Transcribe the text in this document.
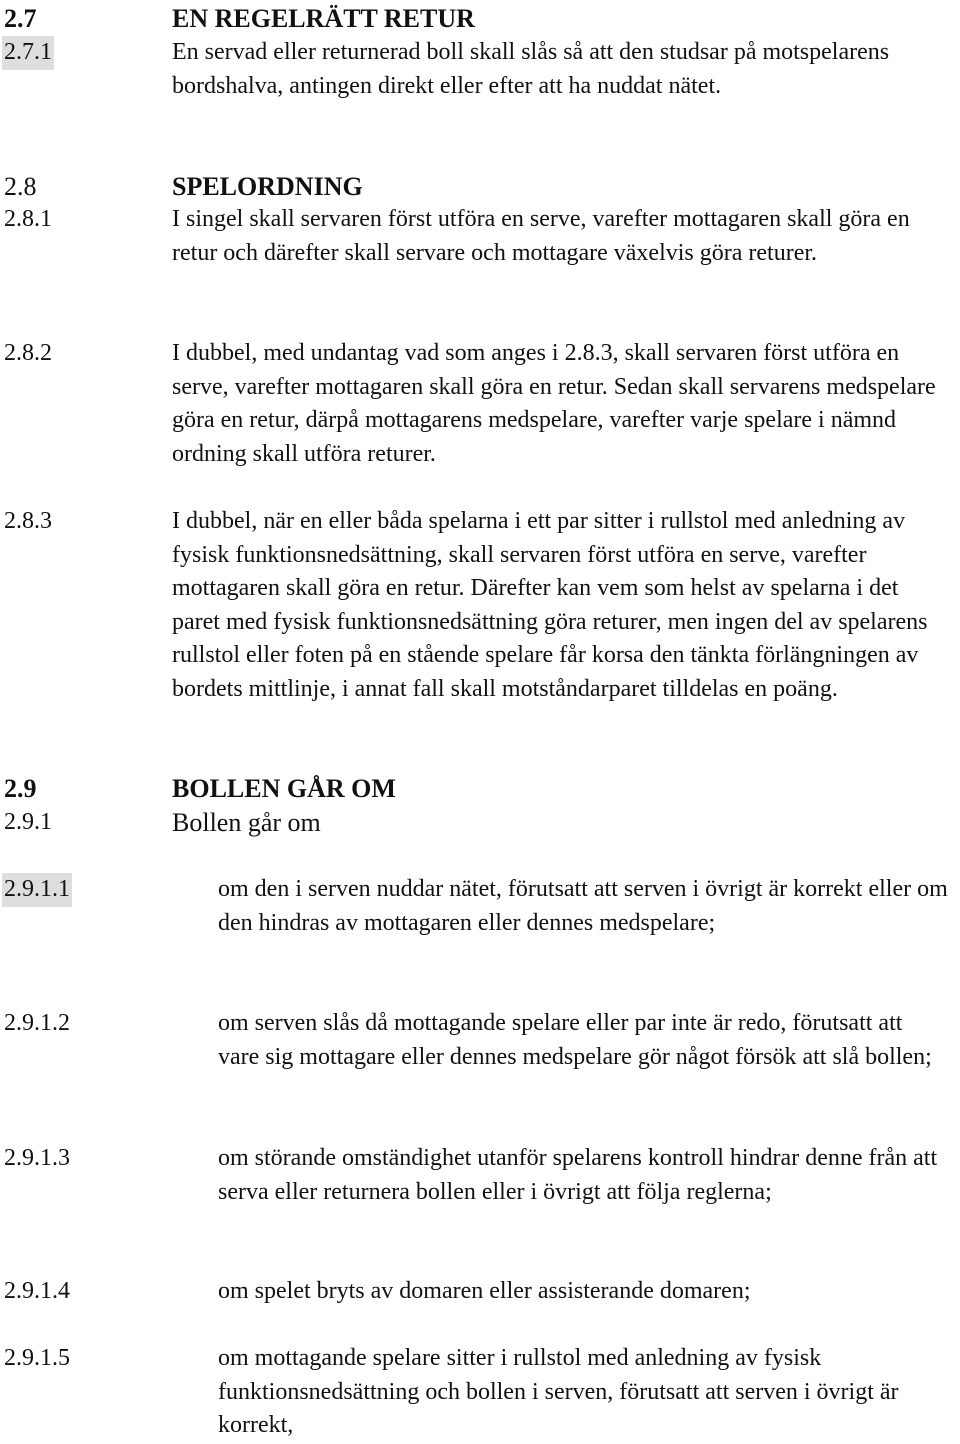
2.7	EN REGELRÄTT RETUR
2.7.1	En servad eller returnerad boll skall slås så att den studsar på motspelarens bordshalva, antingen direkt eller efter att ha nuddat nätet.
2.8	SPELORDNING
2.8.1	I singel skall servaren först utföra en serve, varefter mottagaren skall göra en retur och därefter skall servare och mottagare växelvis göra returer.
2.8.2	I dubbel, med undantag vad som anges i 2.8.3, skall servaren först utföra en serve, varefter mottagaren skall göra en retur. Sedan skall servarens medspelare göra en retur, därpå mottagarens medspelare, varefter varje spelare i nämnd ordning skall utföra returer.
2.8.3	I dubbel, när en eller båda spelarna i ett par sitter i rullstol med anledning av fysisk funktionsnedsättning, skall servaren först utföra en serve, varefter mottagaren skall göra en retur. Därefter kan vem som helst av spelarna i det paret med fysisk funktionsnedsättning göra returer, men ingen del av spelarens rullstol eller foten på en stående spelare får korsa den tänkta förlängningen av bordets mittlinje, i annat fall skall motståndarparet tilldelas en poäng.
2.9	BOLLEN GÅR OM
2.9.1	Bollen går om
2.9.1.1	om den i serven nuddar nätet, förutsatt att serven i övrigt är korrekt eller om den hindras av mottagaren eller dennes medspelare;
2.9.1.2	om serven slås då mottagande spelare eller par inte är redo, förutsatt att vare sig mottagare eller dennes medspelare gör något försök att slå bollen;
2.9.1.3	om störande omständighet utanför spelarens kontroll hindrar denne från att serva eller returnera bollen eller i övrigt att följa reglerna;
2.9.1.4	om spelet bryts av domaren eller assisterande domaren;
2.9.1.5	om mottagande spelare sitter i rullstol med anledning av fysisk funktionsnedsättning och bollen i serven, förutsatt att serven i övrigt är korrekt,
